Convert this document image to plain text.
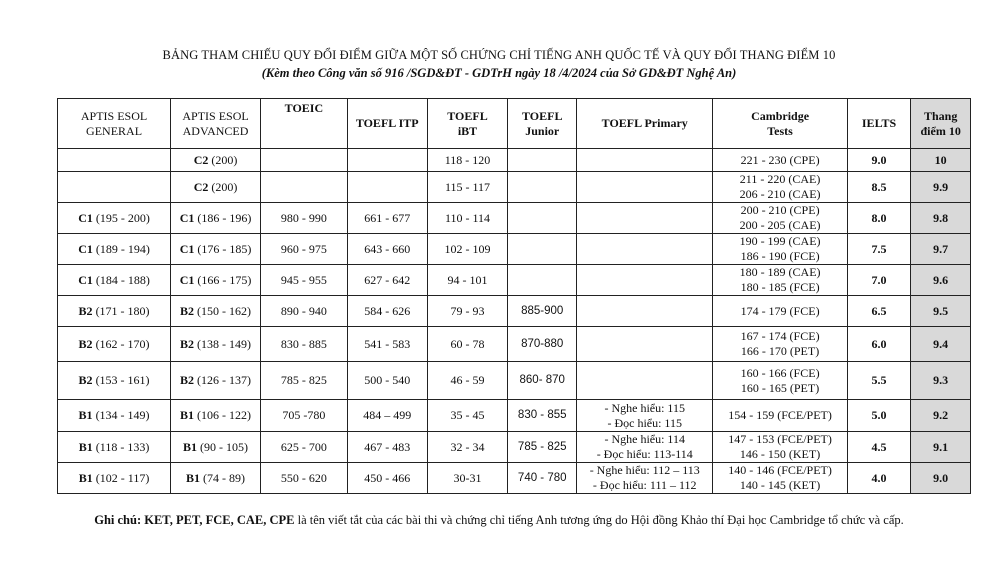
BẢNG THAM CHIẾU QUY ĐỔI ĐIỂM GIỮA MỘT SỐ CHỨNG CHỈ TIẾNG ANH QUỐC TẾ VÀ QUY ĐỔI THANG ĐIỂM 10
(Kèm theo Công văn số 916 /SGD&ĐT - GDTrH ngày 18 /4/2024 của Sở GD&ĐT Nghệ An)
APTIS ESOL
GENERAL	APTIS ESOL
ADVANCED	TOEIC	TOEFL ITP	TOEFL
iBT	TOEFL
Junior	TOEFL Primary	Cambridge
Tests	IELTS	Thang
điểm 10
	C2 (200)			118 - 120			221 - 230 (CPE)	9.0	10
	C2 (200)			115 - 117			211 - 220 (CAE)
206 - 210 (CAE)	8.5	9.9
C1 (195 - 200)	C1 (186 - 196)	980 - 990	661 - 677	110 - 114			200 - 210 (CPE)
200 - 205 (CAE)	8.0	9.8
C1 (189 - 194)	C1 (176 - 185)	960 - 975	643 - 660	102 - 109			190 - 199 (CAE)
186 - 190 (FCE)	7.5	9.7
C1 (184 - 188)	C1 (166 - 175)	945 - 955	627 - 642	94 - 101			180 - 189 (CAE)
180 - 185 (FCE)	7.0	9.6
B2 (171 - 180)	B2 (150 - 162)	890 - 940	584 - 626	79 - 93	885-900		174 - 179 (FCE)	6.5	9.5
B2 (162 - 170)	B2 (138 - 149)	830 - 885	541 - 583	60 - 78	870-880		167 - 174 (FCE)
166 - 170 (PET)	6.0	9.4
B2 (153 - 161)	B2 (126 - 137)	785 - 825	500 - 540	46 - 59	860- 870		160 - 166 (FCE)
160 - 165 (PET)	5.5	9.3
B1 (134 - 149)	B1 (106 - 122)	705 -780	484 – 499	35 - 45	830 - 855	- Nghe hiểu: 115
- Đọc hiểu: 115	154 - 159 (FCE/PET)	5.0	9.2
B1 (118 - 133)	B1 (90 - 105)	625 - 700	467 - 483	32 - 34	785 - 825	- Nghe hiểu: 114
- Đọc hiểu: 113-114	147 - 153 (FCE/PET)
146 - 150 (KET)	4.5	9.1
B1 (102 - 117)	B1 (74 - 89)	550 - 620	450 - 466	30-31	740 - 780	- Nghe hiểu: 112 – 113
- Đọc hiểu: 111 – 112	140 - 146 (FCE/PET)
140 - 145 (KET)	4.0	9.0
Ghi chú: KET, PET, FCE, CAE, CPE là tên viết tắt của các bài thi và chứng chỉ tiếng Anh tương ứng do Hội đồng Khảo thí Đại học Cambridge tổ chức và cấp.
